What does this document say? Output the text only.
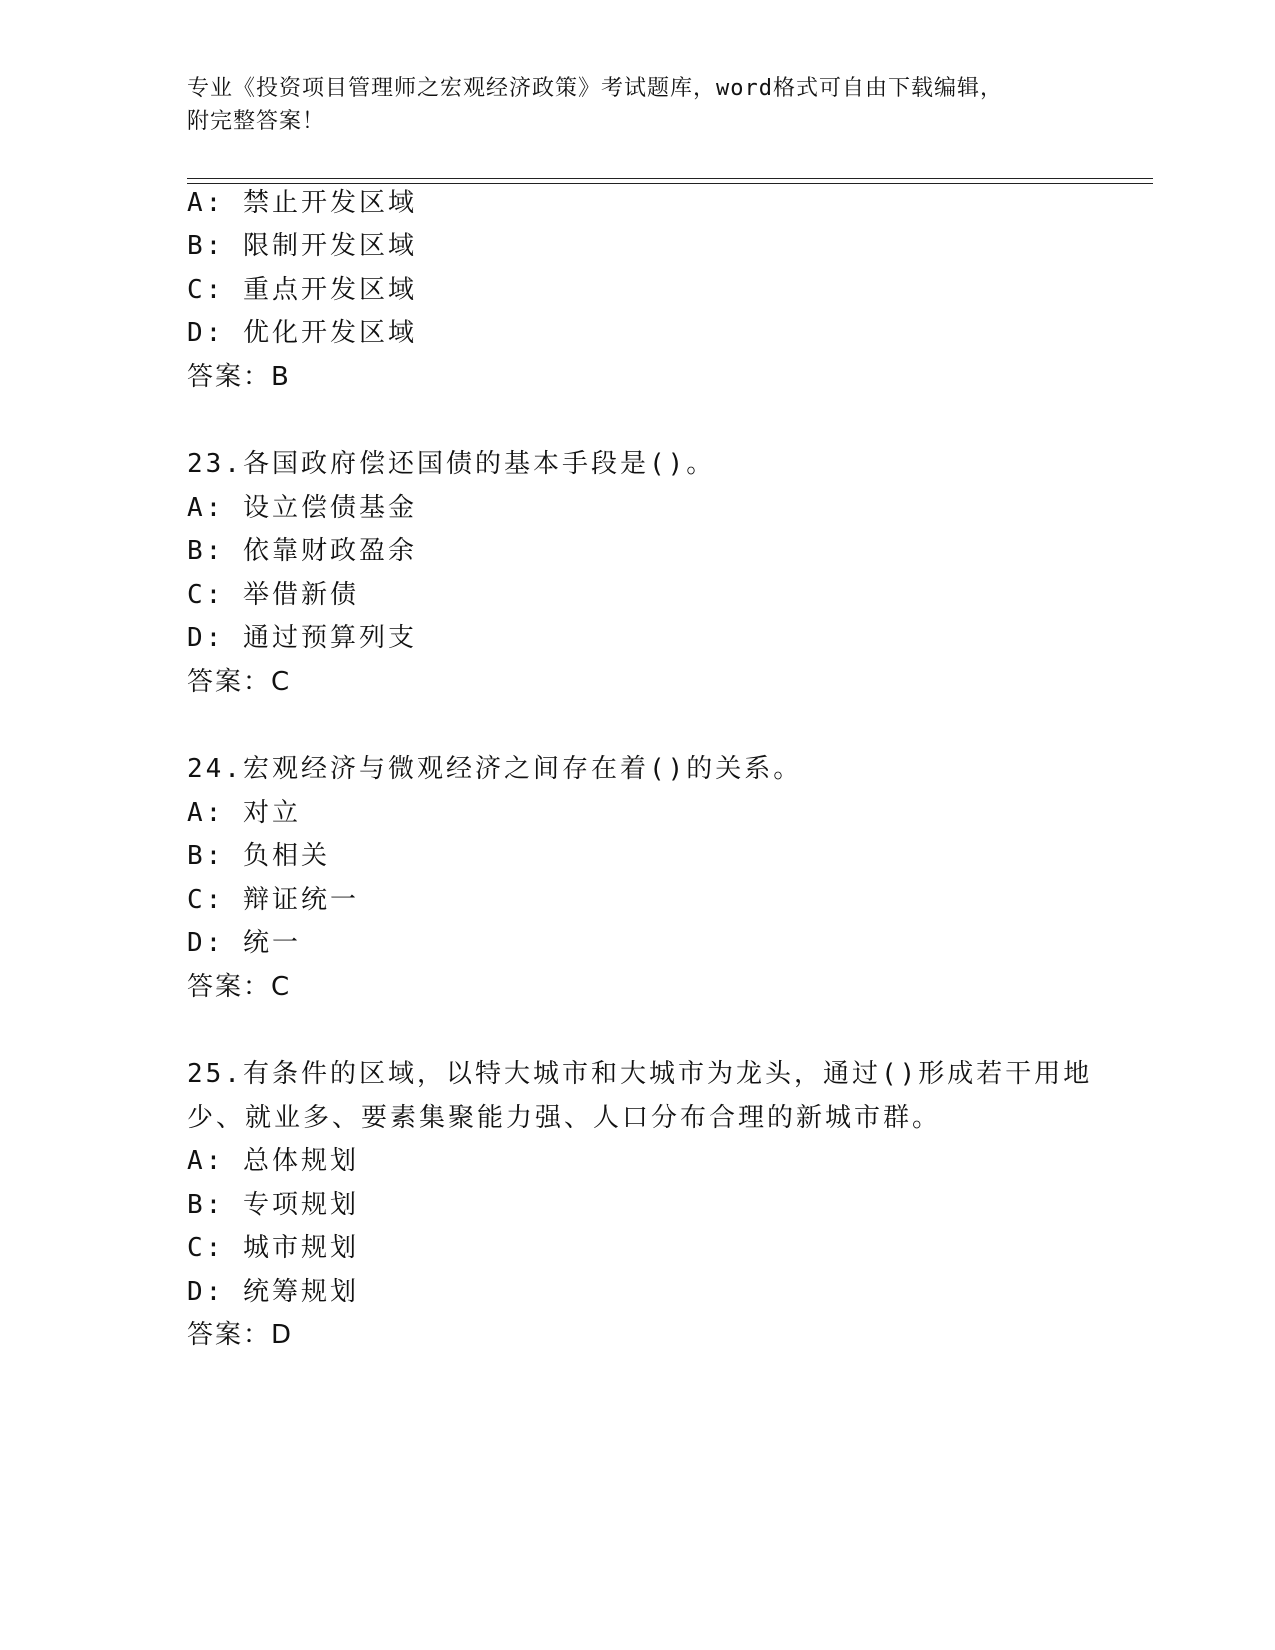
专业《投资项目管理师之宏观经济政策》考试题库，word格式可自由下载编辑，
附完整答案！
A: 禁止开发区域
B: 限制开发区域
C: 重点开发区域
D: 优化开发区域
答案：B
23.各国政府偿还国债的基本手段是()。
A: 设立偿债基金
B: 依靠财政盈余
C: 举借新债
D: 通过预算列支
答案：C
24.宏观经济与微观经济之间存在着()的关系。
A: 对立
B: 负相关
C: 辩证统一
D: 统一
答案：C
25.有条件的区域，以特大城市和大城市为龙头，通过()形成若干用地
少、就业多、要素集聚能力强、人口分布合理的新城市群。
A: 总体规划
B: 专项规划
C: 城市规划
D: 统筹规划
答案：D
